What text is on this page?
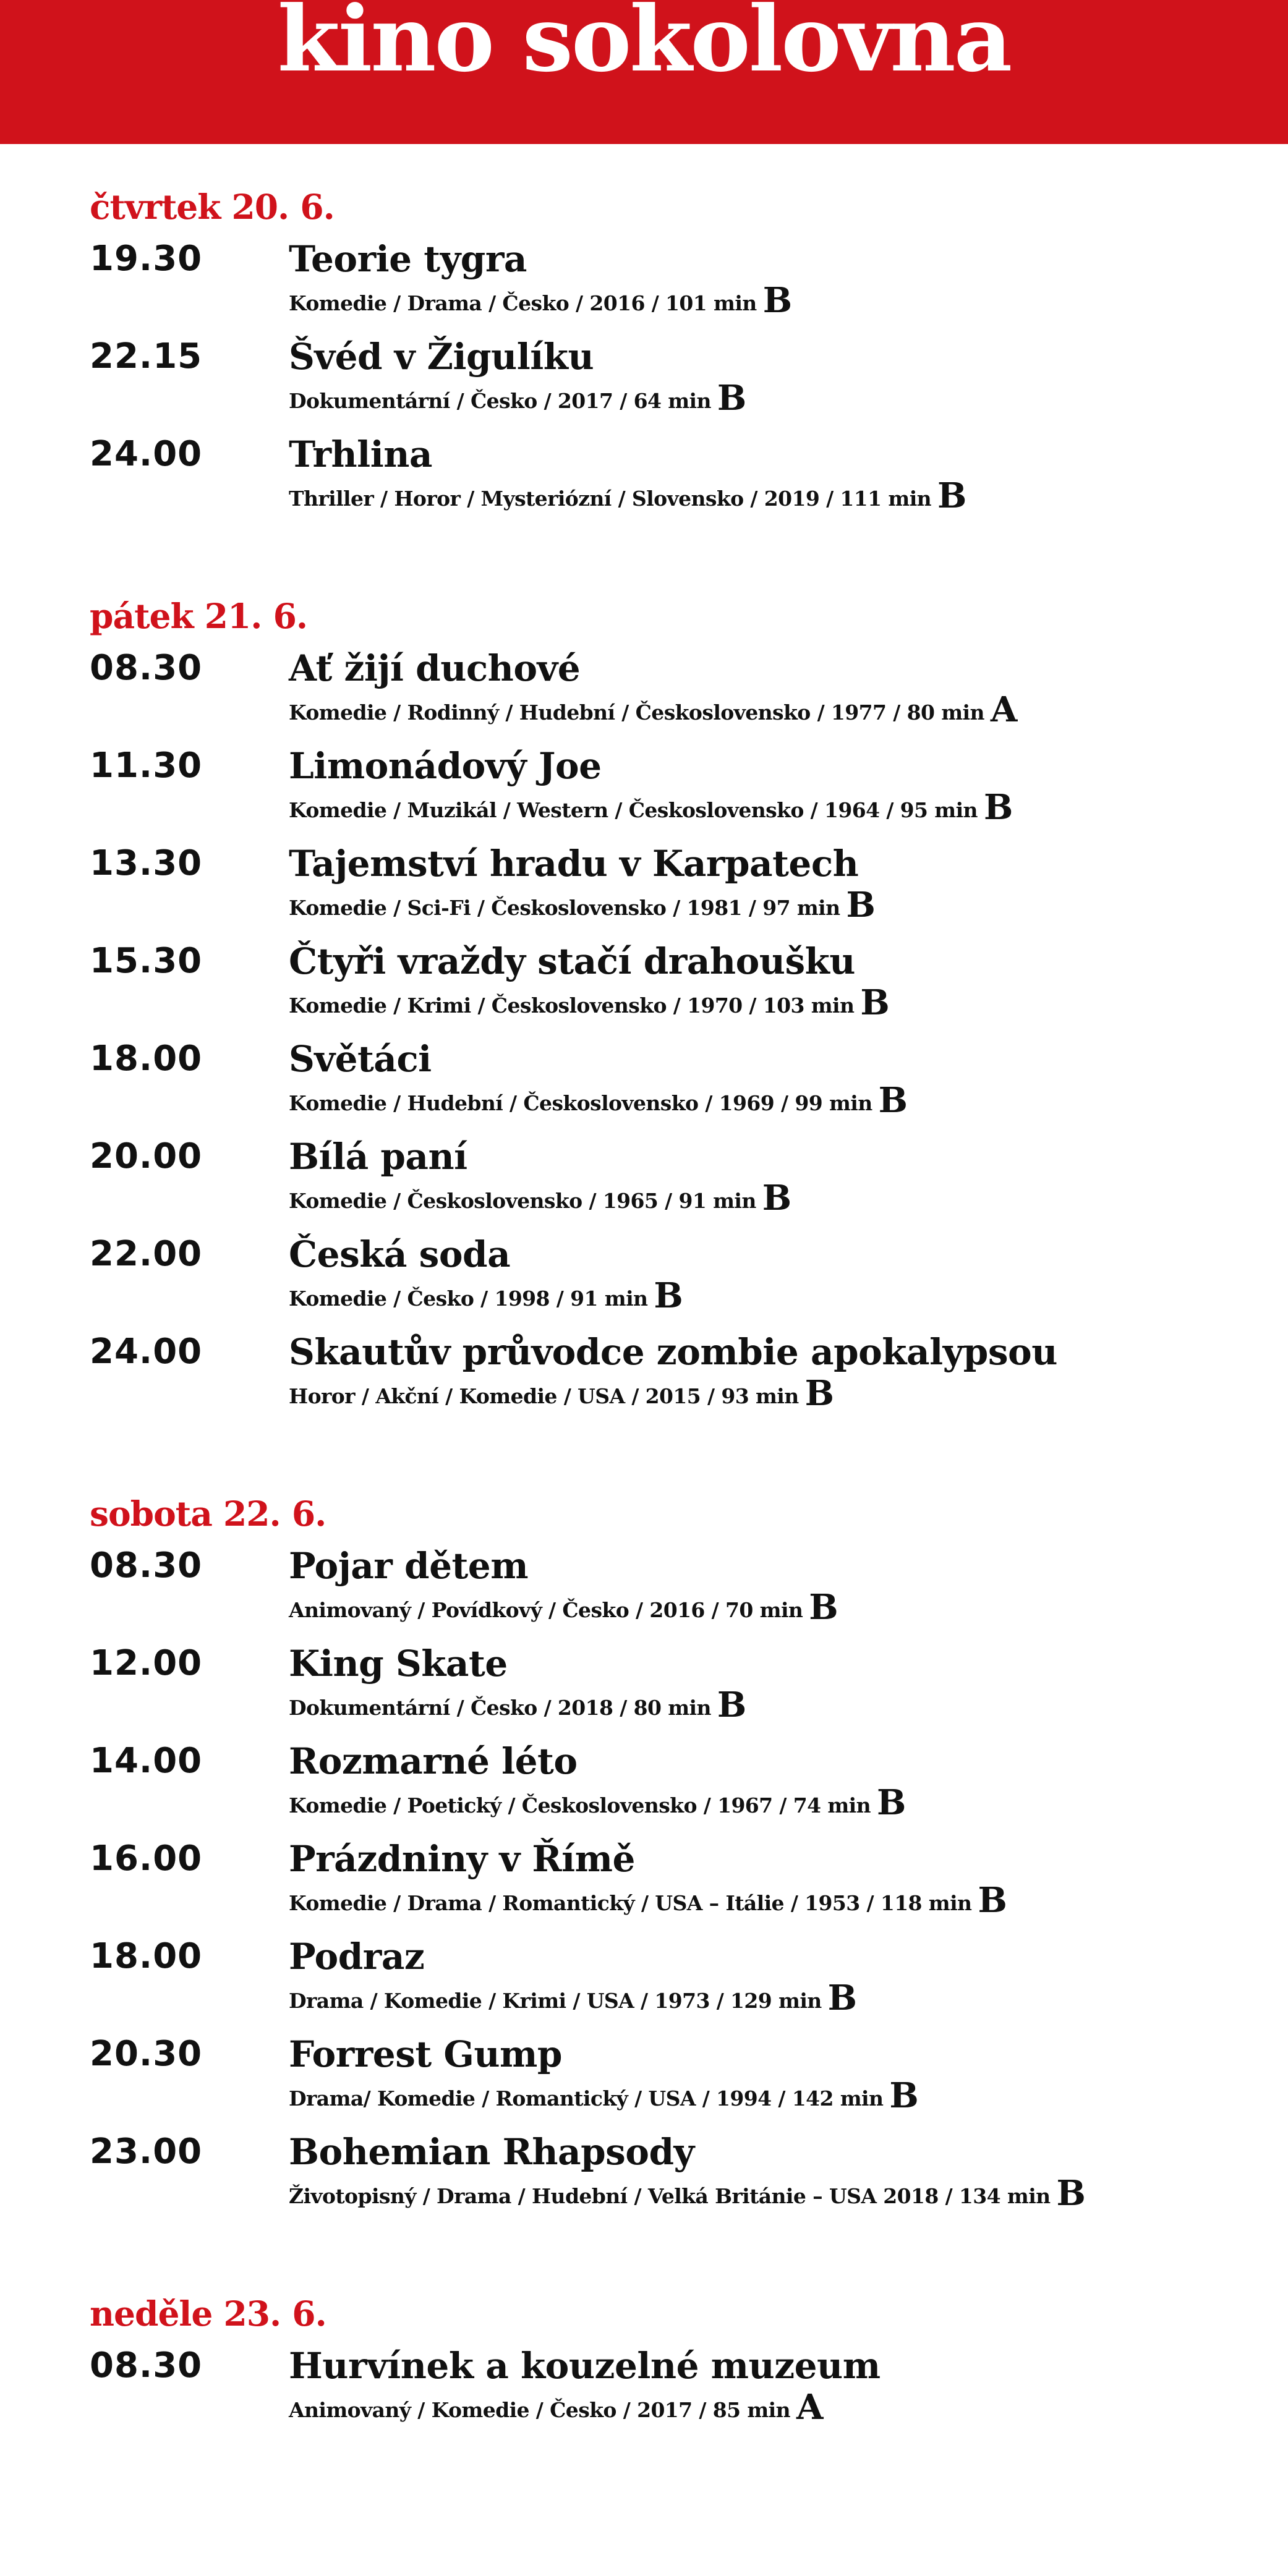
kino sokolovna
čtvrtek 20. 6.
19.30	Teorie tygra
Komedie / Drama / Česko / 2016 / 101 min B
22.15	Švéd v Žigulíku
Dokumentární / Česko / 2017 / 64 min B
24.00	Trhlina
Thriller / Horor / Mysteriózní / Slovensko / 2019 / 111 min B
pátek 21. 6.
08.30	Ať žijí duchové
Komedie / Rodinný / Hudební / Československo / 1977 / 80 min A
11.30	Limonádový Joe
Komedie / Muzikál / Western / Československo / 1964 / 95 min B
13.30	Tajemství hradu v Karpatech
Komedie / Sci-Fi / Československo / 1981 / 97 min B
15.30	Čtyři vraždy stačí drahoušku
Komedie / Krimi / Československo / 1970 / 103 min B
18.00	Světáci
Komedie / Hudební / Československo / 1969 / 99 min B
20.00	Bílá paní
Komedie / Československo / 1965 / 91 min B
22.00	Česká soda
Komedie / Česko / 1998 / 91 min B
24.00	Skautův průvodce zombie apokalypsou
Horor / Akční / Komedie / USA / 2015 / 93 min B
sobota 22. 6.
08.30	Pojar dětem
Animovaný / Povídkový / Česko / 2016 / 70 min B
12.00	King Skate
Dokumentární / Česko / 2018 / 80 min B
14.00	Rozmarné léto
Komedie / Poetický / Československo / 1967 / 74 min B
16.00	Prázdniny v Římě
Komedie / Drama / Romantický / USA – Itálie / 1953 / 118 min B
18.00	Podraz
Drama / Komedie / Krimi / USA / 1973 / 129 min B
20.30	Forrest Gump
Drama/ Komedie / Romantický / USA / 1994 / 142 min B
23.00	Bohemian Rhapsody
Životopisný / Drama / Hudební / Velká Británie – USA 2018 / 134 min B
neděle 23. 6.
08.30	Hurvínek a kouzelné muzeum
Animovaný / Komedie / Česko / 2017 / 85 min A
